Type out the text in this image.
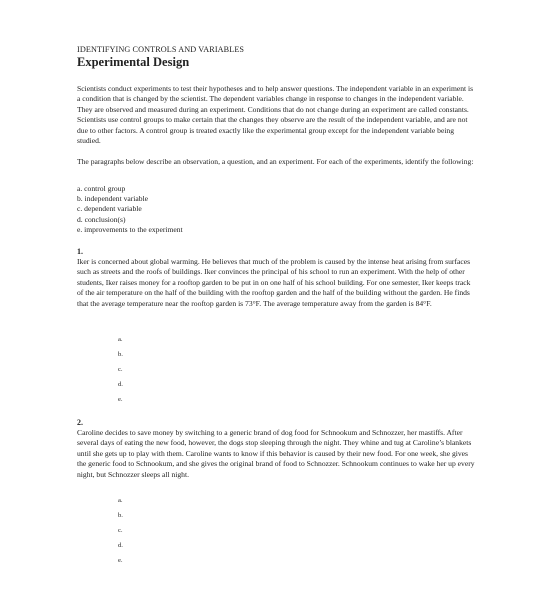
IDENTIFYING CONTROLS AND VARIABLES
Experimental Design
Scientists conduct experiments to test their hypotheses and to help answer questions. The independent variable in an experiment is a condition that is changed by the scientist. The dependent variables change in response to changes in the independent variable. They are observed and measured during an experiment. Conditions that do not change during an experiment are called constants. Scientists use control groups to make certain that the changes they observe are the result of the independent variable, and are not due to other factors. A control group is treated exactly like the experimental group except for the independent variable being studied.
The paragraphs below describe an observation, a question, and an experiment. For each of the experiments, identify the following:
a. control group
b. independent variable
c. dependent variable
d. conclusion(s)
e. improvements to the experiment
1.
Iker is concerned about global warming. He believes that much of the problem is caused by the intense heat arising from surfaces such as streets and the roofs of buildings. Iker convinces the principal of his school to run an experiment. With the help of other students, Iker raises money for a rooftop garden to be put in on one half of his school building. For one semester, Iker keeps track of the air temperature on the half of the building with the rooftop garden and the half of the building without the garden. He finds that the average temperature near the rooftop garden is 73°F. The average temperature away from the garden is 84°F.
a.
b.
c.
d.
e.
2.
Caroline decides to save money by switching to a generic brand of dog food for Schnookum and Schnozzer, her mastiffs. After several days of eating the new food, however, the dogs stop sleeping through the night. They whine and tug at Caroline’s blankets until she gets up to play with them. Caroline wants to know if this behavior is caused by their new food. For one week, she gives the generic food to Schnookum, and she gives the original brand of food to Schnozzer. Schnookum continues to wake her up every night, but Schnozzer sleeps all night.
a.
b.
c.
d.
e.
